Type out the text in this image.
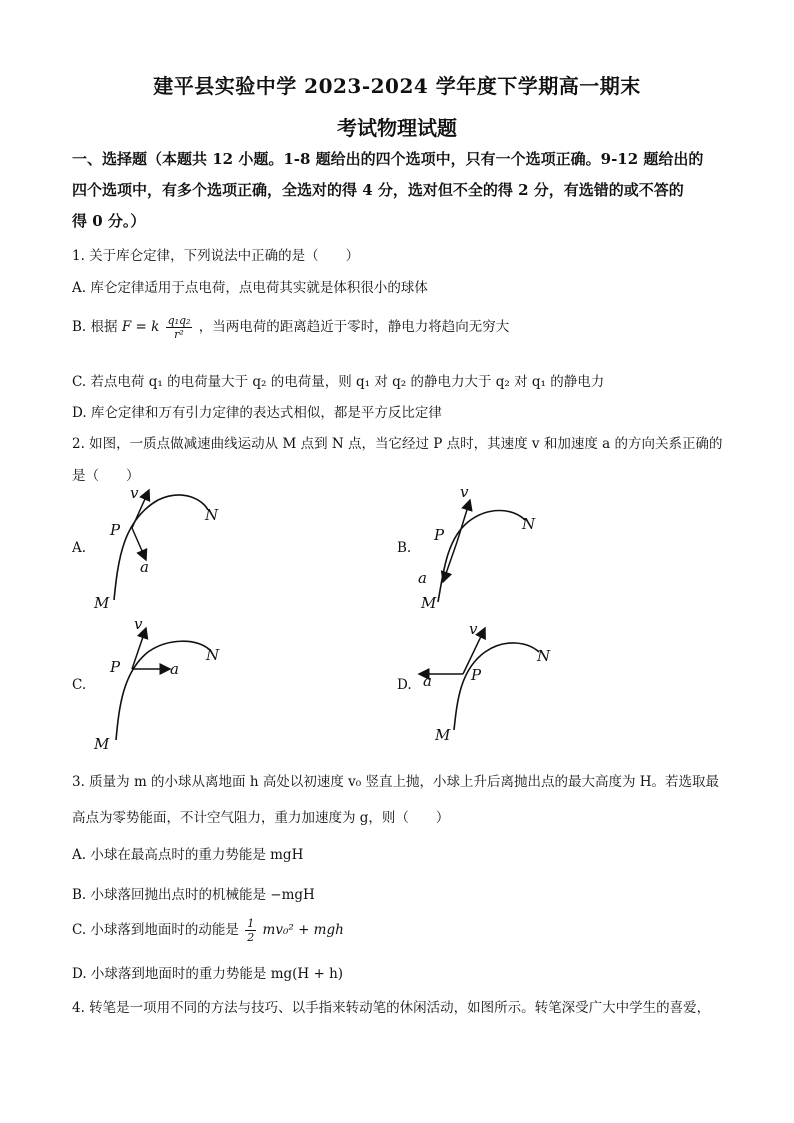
建平县实验中学 2023-2024 学年度下学期高一期末
考试物理试题
一、选择题（本题共 12 小题。1-8 题给出的四个选项中，只有一个选项正确。9-12 题给出的
四个选项中，有多个选项正确，全选对的得 4 分，选对但不全的得 2 分，有选错的或不答的
得 0 分。）
1. 关于库仑定律，下列说法中正确的是（　　）
A. 库仑定律适用于点电荷，点电荷其实就是体积很小的球体
B. 根据 F = k $\frac{\text{q₁q₂}}{\text{r²}}$ ，当两电荷的距离趋近于零时，静电力将趋向无穷大
C. 若点电荷 q₁ 的电荷量大于 q₂ 的电荷量，则 q₁ 对 q₂ 的静电力大于 q₂ 对 q₁ 的静电力
D. 库仑定律和万有引力定律的表达式相似，都是平方反比定律
2. 如图，一质点做减速曲线运动从 M 点到 N 点，当它经过 P 点时，其速度 v 和加速度 a 的方向关系正确的
是（　　）
A.	B.
C.	D.
v
P
a
M
N
v
P
a
M
N
v
P	a
M
N
v
P
a
M
N
3. 质量为 m 的小球从离地面 h 高处以初速度 v₀ 竖直上抛，小球上升后离抛出点的最大高度为 H。若选取最
高点为零势能面，不计空气阻力，重力加速度为 g，则（　　）
A. 小球在最高点时的重力势能是 mgH
B. 小球落回抛出点时的机械能是 −mgH
C. 小球落到地面时的动能是 $\frac{1}{2} mv_0^2$ + mgh
D. 小球落到地面时的重力势能是 mg(H + h)
4. 转笔是一项用不同的方法与技巧、以手指来转动笔的休闲活动，如图所示。转笔深受广大中学生的喜爱，
